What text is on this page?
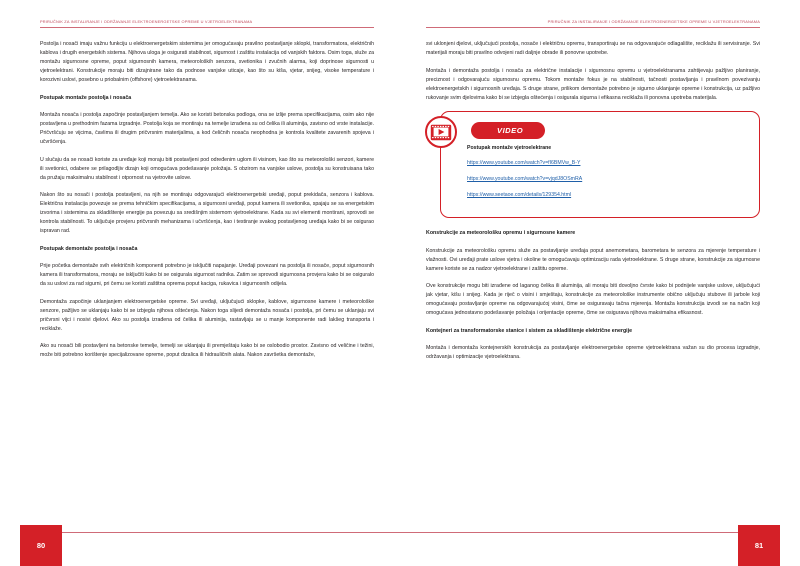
PRIRUČNIK ZA INSTALIRANJE I ODRŽAVANJE ELEKTROENERGETSKE OPREME U VJETROELEKTRANAMA

Postolja i nosači imaju važnu funkciju u elektroenergetskim sistemima jer omogućavaju pravilno postavljanje sklopki, transformatora, električnih kablova i drugih energetskih sistema. Njihova uloga je osigurati stabilnost, sigurnost i zaštitu instalacija od vanjskih faktora. Osim toga, služe za montažu sigurnosne opreme, poput sigurnosnih kamera, meteoroloških senzora, svetionika i zvučnih alarma, koji doprinose sigurnosti u vjetroelektrani. Konstrukcije moraju biti dizajnirane tako da podnose vanjske uticaje, kao što su kiša, vjetar, snijeg, visoke temperature i korozivni uslovi, posebno u priobalnim (offshore) vjetroelektranama.

Postupak montaže postolja i nosača

Montaža nosača i postolja započinje postavljanjem temelja. Ako se koristi betonska podloga, ona se izlije prema specifikacijama, osim ako nije postavljena u prethodnim fazama izgradnje. Postolja koja se montiraju na temelje izrađena su od čelika ili aluminija, zavisno od vrste instalacije. Pričvršćuju se vijcima, čavlima ili drugim pričvrsnim materijalima, a kod čeličnih nosača neophodna je kontrola kvalitete zavarenih spojeva i učvršćenja.

U slučaju da se nosači koriste za uređaje koji moraju biti postavljeni pod određenim uglom ili visinom, kao što su meteorološki senzori, kamere ili svetionici, odabere se prilagodljiv dizajn koji omogućava podešavanje položaja. S obzirom na vanjske uslove, postolja su konstruisana tako da pružaju maksimalnu stabilnost i otpornost na vjetrovite uslove.

Nakon što su nosači i postolja postavljeni, na njih se montiraju odgovarajući elektroenergetski uređaji, poput prekidača, senzora i kablova. Električna instalacija povezuje se prema tehničkim specifikacijama, a sigurnosni uređaji, poput kamera ili svetionika, spajaju se sa energetskim izvorima i sistemima za skladištenje energije pa povezuju sa središnjim sistemom vjetroelektrane. Kada su svi elementi montirani, sprovodi se kontrola stabilnosti. To uključuje provjeru pričvrsnih mehanizama i učvršćenja, kao i testiranje svakog postavljenog uređaja kako bi se osigurao ispravan rad.

Postupak demontaže postolja i nosača

Prije početka demontaže svih električnih komponenti potrebno je isključiti napajanje. Uređaji povezani na postolja ili nosače, poput sigurnosnih kamera ili transformatora, moraju se isključiti kako bi se osigurala sigurnost radnika. Zatim se sprovodi sigurnosna provjera kako bi se osiguralo da su uslovi za rad sigurni, pri čemu se koristi zaštitna oprema poput kaciga, rukavica i sigurnosnih odijela.

Demontaža započinje uklanjanjem elektroenergetske opreme. Svi uređaji, uključujući sklopke, kablove, sigurnosne kamere i meteorološke senzore, pažljivo se uklanjaju kako bi se izbjegla njihova oštećenja. Nakon toga slijedi demontaža nosača i postolja, pri čemu se uklanjaju svi pričvrsni vijci i nosivi djelovi. Ako su postolja izrađena od čelika ili aluminija, rastavljaju se u manje komponente radi lakšeg transporta i reciklaže.

Ako su nosači bili postavljeni na betonske temelje, temelji se uklanjaju ili premještaju kako bi se oslobodio prostor. Zavisno od veličine i težini, može biti potrebno korištenje specijalizovane opreme, poput dizalica ili hidrauličnih alata. Nakon završetka demontaže,

80
PRIRUČNIK ZA INSTALIRANJE I ODRŽAVANJE ELEKTROENERGETSKE OPREME U VJETROELEKTRANAMA

svi uklonjeni djelovi, uključujući postolja, nosače i električnu opremu, transportiraju se na odgovarajuće odlagalište, reciklažu ili servisiranje. Svi materijali moraju biti pravilno odvojeni radi daljnje obrade ili ponovne upotrebe.

Montaža i demontaža postolja i nosača za električne instalacije i sigurnosnu opremu u vjetroelektranama zahtijevaju pažljivo planiranje, preciznost i odgovarajuću sigurnosnu opremu. Tokom montaže fokus je na stabilnosti, tačnosti postavljanja i pravilnom povezivanju elektroenergetskih i sigurnosnih uređaja. S druge strane, prilikom demontaže potrebno je sigurno uklanjanje opreme i konstrukcija, uz pažljivo rukovanje svim djelovima kako bi se izbjegla oštećenja i osigurala sigurna i efikasna reciklaža ili ponovna upotreba materijala.

VIDEO
Postupak montaže vjetroelektrane
https://www.youtube.com/watch?v=fI6BMVw_B-Y
https://www.youtube.com/watch?v=vjqdJ8OSmRA
https://www.seetaoe.com/details/129354.html
Konstrukcije za meteorološku opremu i sigurnosne kamere

Konstrukcije za meteorološku opremu služe za postavljanje uređaja poput anemometara, barometara te senzora za mjerenje temperature i vlažnosti. Ovi uređaji prate uslove vjetra i okoline te omogućavaju optimizaciju rada vjetroelektrane. S druge strane, konstrukcije za sigurnosne kamere koriste se za nadzor vjetroelektrane i zaštitu opreme.

Ove konstrukcije mogu biti izrađene od laganog čelika ili aluminija, ali moraju biti dovoljno čvrste kako bi podnijele vanjske uslove, uključujući jak vjetar, kišu i snijeg. Kada je riječ o visini i smještaju, konstrukcije za meteorološke instrumente obično uključuju stubove ili jarbole koji omogućavaju postavljanje opreme na odgovarajućoj visini, čime se osiguravaju tačna mjerenja. Montaža konstrukcija izvodi se na način koji omogućava jednostavno podešavanje položaja i orijentacije opreme, čime se osigurava njihova maksimalna efikasnost.

Kontejneri za transformatorske stanice i sistem za skladištenje električne energije

Montaža i demontaža kontejnerskih konstrukcija za postavljanje elektroenergetske opreme vjetroelektrana važan su dio procesa izgradnje, održavanja i optimizacije vjetroelektrana.

81
